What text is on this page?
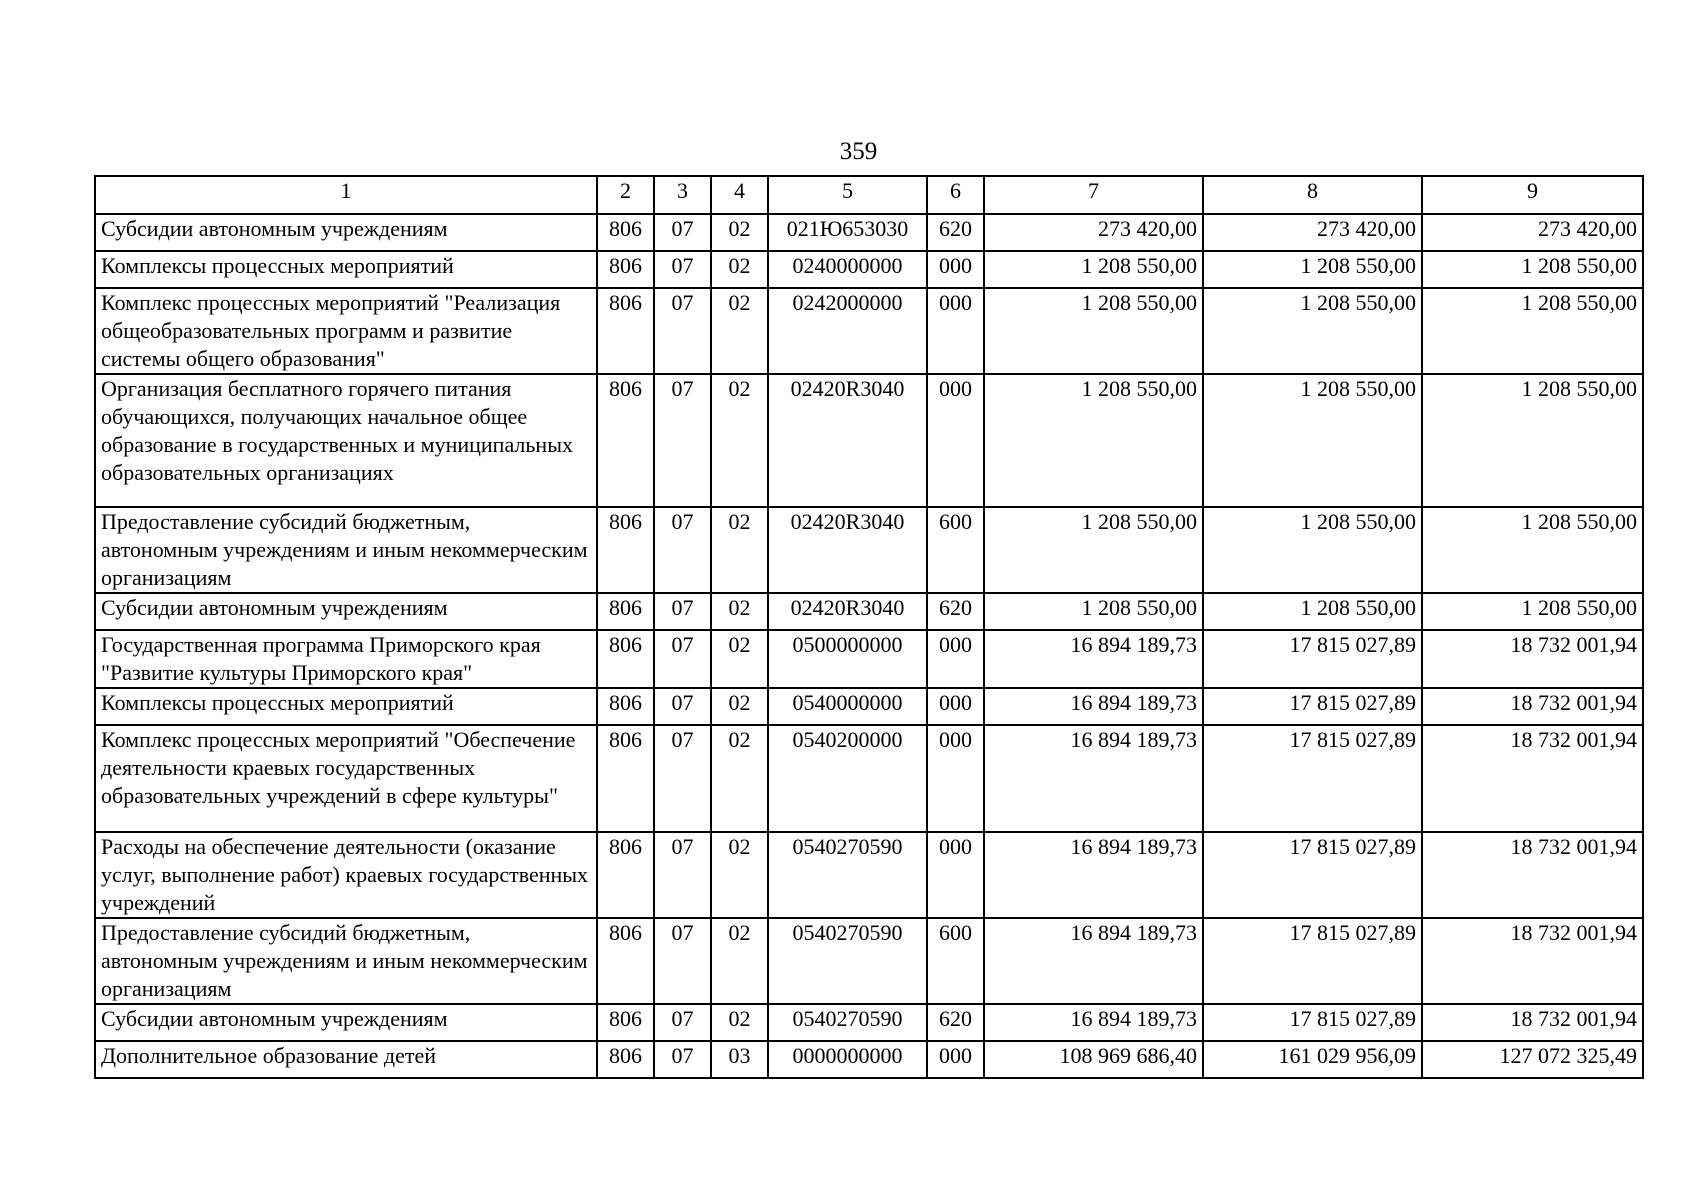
359
1	2	3	4	5	6	7	8	9
Субсидии автономным учреждениям	806	07	02	021Ю653030	620	273 420,00	273 420,00	273 420,00
Комплексы процессных мероприятий	806	07	02	0240000000	000	1 208 550,00	1 208 550,00	1 208 550,00
Комплекс процессных мероприятий "Реализация общеобразовательных программ и развитие системы общего образования"	806	07	02	0242000000	000	1 208 550,00	1 208 550,00	1 208 550,00
Организация бесплатного горячего питания обучающихся, получающих начальное общее образование в государственных и муниципальных образовательных организациях	806	07	02	02420R3040	000	1 208 550,00	1 208 550,00	1 208 550,00
Предоставление субсидий бюджетным, автономным учреждениям и иным некоммерческим организациям	806	07	02	02420R3040	600	1 208 550,00	1 208 550,00	1 208 550,00
Субсидии автономным учреждениям	806	07	02	02420R3040	620	1 208 550,00	1 208 550,00	1 208 550,00
Государственная программа Приморского края "Развитие культуры Приморского края"	806	07	02	0500000000	000	16 894 189,73	17 815 027,89	18 732 001,94
Комплексы процессных мероприятий	806	07	02	0540000000	000	16 894 189,73	17 815 027,89	18 732 001,94
Комплекс процессных мероприятий "Обеспечение деятельности краевых государственных образовательных учреждений в сфере культуры"	806	07	02	0540200000	000	16 894 189,73	17 815 027,89	18 732 001,94
Расходы на обеспечение деятельности (оказание услуг, выполнение работ) краевых государственных учреждений	806	07	02	0540270590	000	16 894 189,73	17 815 027,89	18 732 001,94
Предоставление субсидий бюджетным, автономным учреждениям и иным некоммерческим организациям	806	07	02	0540270590	600	16 894 189,73	17 815 027,89	18 732 001,94
Субсидии автономным учреждениям	806	07	02	0540270590	620	16 894 189,73	17 815 027,89	18 732 001,94
Дополнительное образование детей	806	07	03	0000000000	000	108 969 686,40	161 029 956,09	127 072 325,49
